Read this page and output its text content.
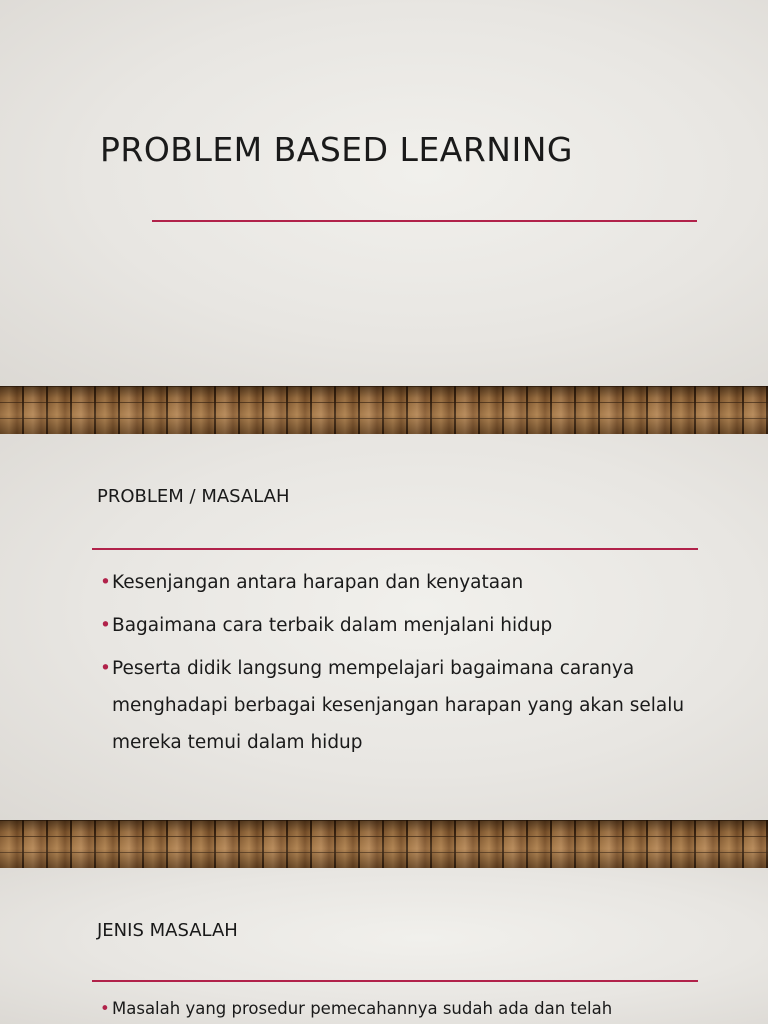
PROBLEM BASED LEARNING
PROBLEM / MASALAH
• Kesenjangan antara harapan dan kenyataan
• Bagaimana cara terbaik dalam menjalani hidup
• Peserta didik langsung mempelajari bagaimana caranya menghadapi berbagai kesenjangan harapan yang akan selalu mereka temui dalam hidup
JENIS MASALAH
• Masalah yang prosedur pemecahannya sudah ada dan telah
